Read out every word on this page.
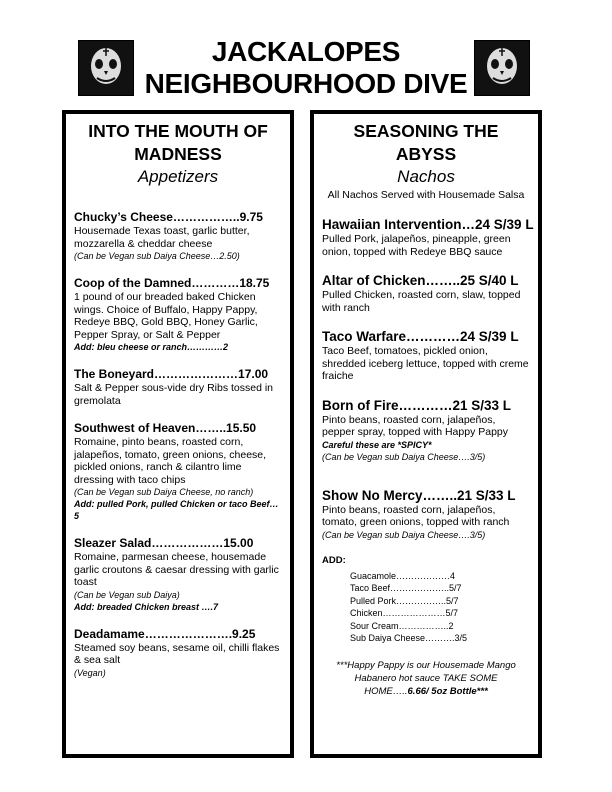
JACKALOPES
NEIGHBOURHOOD DIVE
INTO THE MOUTH OF
MADNESS
Appetizers
Chucky’s Cheese……………..9.75
Housemade Texas toast, garlic butter, mozzarella & cheddar cheese
(Can be Vegan sub Daiya Cheese…2.50)
Coop of the Damned…………18.75
1 pound of our breaded baked Chicken wings. Choice of Buffalo, Happy Pappy, Redeye BBQ, Gold BBQ, Honey Garlic, Pepper Spray, or Salt & Pepper
Add: bleu cheese or ranch…………2
The Boneyard…………………17.00
Salt & Pepper sous-vide dry Ribs tossed in gremolata
Southwest of Heaven……..15.50
Romaine, pinto beans, roasted corn, jalapeños, tomato, green onions, cheese, pickled onions, ranch & cilantro lime dressing with taco chips
(Can be Vegan sub Daiya Cheese, no ranch)
Add: pulled Pork, pulled Chicken or taco Beef…5
Sleazer Salad………………15.00
Romaine, parmesan cheese, housemade garlic croutons & caesar dressing with garlic toast
(Can be Vegan sub Daiya)
Add: breaded Chicken breast ….7
Deadamame………………….9.25
Steamed soy beans, sesame oil, chilli flakes & sea salt
(Vegan)
SEASONING THE
ABYSS
Nachos
All Nachos Served with Housemade Salsa
Hawaiian Intervention…24 S/39 L
Pulled Pork, jalapeños, pineapple, green onion, topped with Redeye BBQ sauce
Altar of Chicken……..25 S/40 L
Pulled Chicken, roasted corn, slaw, topped with ranch
Taco Warfare…………24 S/39 L
Taco Beef, tomatoes, pickled onion, shredded iceberg lettuce, topped with creme fraiche
Born of Fire…………21 S/33 L
Pinto beans, roasted corn, jalapeños, pepper spray, topped with Happy Pappy
Careful these are *SPICY*
(Can be Vegan sub Daiya Cheese….3/5)
Show No Mercy……..21 S/33 L
Pinto beans, roasted corn, jalapeños, tomato, green onions, topped with ranch
(Can be Vegan sub Daiya Cheese….3/5)
ADD:
Guacamole………………4
Taco Beef………………..5/7
Pulled Pork……………..5/7
Chicken…………………5/7
Sour Cream……………..2
Sub Daiya Cheese……….3/5
***Happy Pappy is our Housemade Mango Habanero hot sauce TAKE SOME HOME…..6.66/ 5oz Bottle***
